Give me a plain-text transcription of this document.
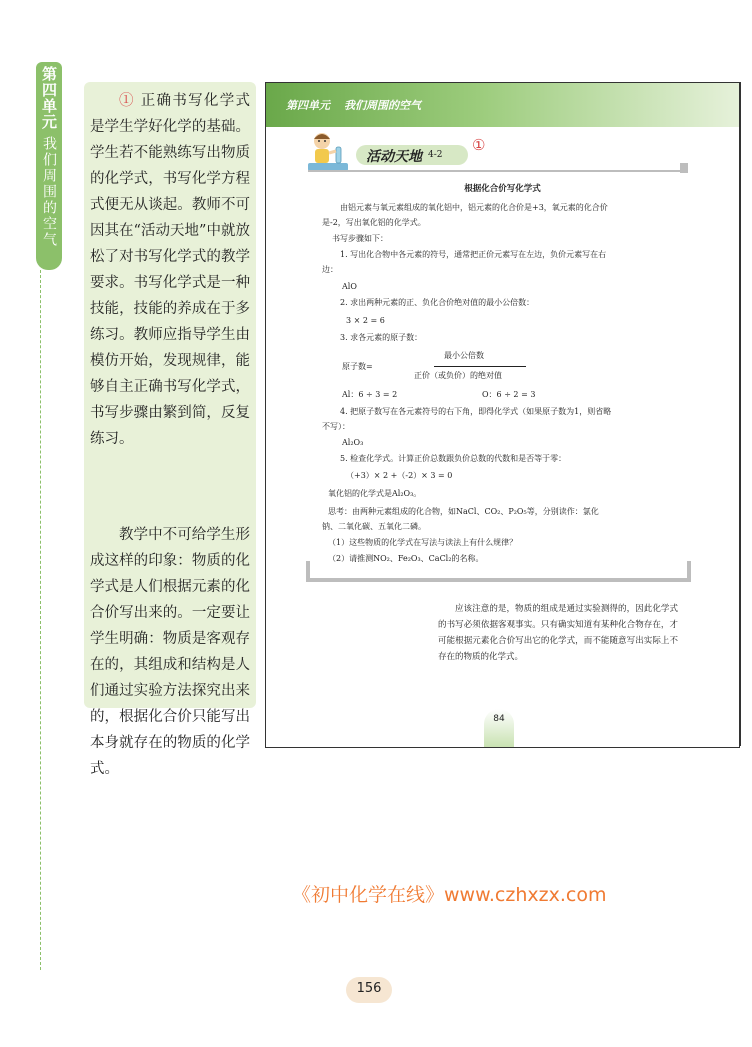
第四单元
我们周围的空气

① 正确书写化学式是学生学好化学的基础。学生若不能熟练写出物质的化学式，书写化学方程式便无从谈起。教师不可因其在“活动天地”中就放松了对书写化学式的教学要求。书写化学式是一种技能，技能的养成在于多练习。教师应指导学生由模仿开始，发现规律，能够自主正确书写化学式，书写步骤由繁到简，反复练习。

教学中不可给学生形成这样的印象：物质的化学式是人们根据元素的化合价写出来的。一定要让学生明确：物质是客观存在的，其组成和结构是人们通过实验方法探究出来的，根据化合价只能写出本身就存在的物质的化学式。

第四单元 我们周围的空气
活动天地 4-2
①
根据化合价写化学式
由铝元素与氧元素组成的氧化铝中，铝元素的化合价是+3，氧元素的化合价
是-2，写出氧化铝的化学式。
书写步骤如下：
1. 写出化合物中各元素的符号，通常把正价元素写在左边，负价元素写在右
边：
AlO
2. 求出两种元素的正、负化合价绝对值的最小公倍数：
3 × 2 = 6
3. 求各元素的原子数：
最小公倍数
原子数=
正价（或负价）的绝对值
Al：6 ÷ 3 = 2	O：6 ÷ 2 = 3
4. 把原子数写在各元素符号的右下角，即得化学式（如果原子数为1，则省略
不写）：
Al₂O₃
5. 检查化学式。计算正价总数跟负价总数的代数和是否等于零：
（+3）× 2 +（-2）× 3 = 0
氧化铝的化学式是Al₂O₃。
思考：由两种元素组成的化合物，如NaCl、CO₂、P₂O₅等，分别读作：氯化
钠、二氧化碳、五氧化二磷。
（1）这些物质的化学式在写法与读法上有什么规律？
（2）请推测NO₂、Fe₂O₃、CaCl₂的名称。

应该注意的是，物质的组成是通过实验测得的，因此化学式的书写必须依据客观事实。只有确实知道有某种化合物存在，才可能根据元素化合价写出它的化学式，而不能随意写出实际上不存在的物质的化学式。

84
《初中化学在线》www.czhxzx.com
156
